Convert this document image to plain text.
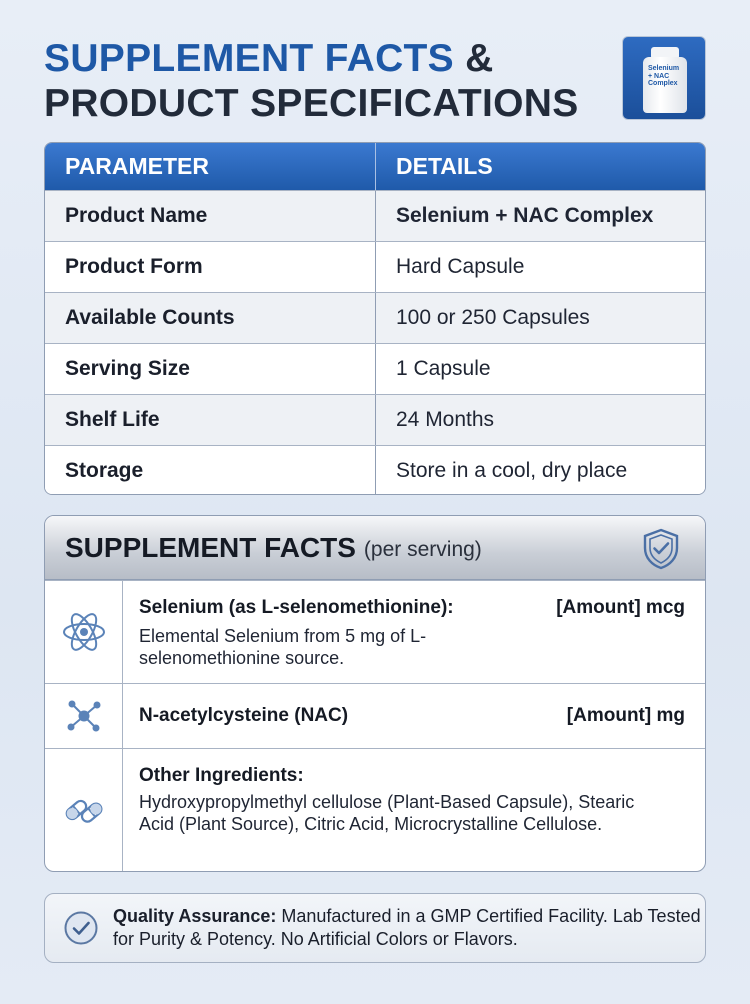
SUPPLEMENT FACTS &
PRODUCT SPECIFICATIONS
Selenium
+ NAC
Complex
PARAMETER	DETAILS
Product Name	Selenium + NAC Complex
Product Form	Hard Capsule
Available Counts	100 or 250 Capsules
Serving Size	1 Capsule
Shelf Life	24 Months
Storage	Store in a cool, dry place
SUPPLEMENT FACTS (per serving)
Selenium (as L-selenomethionine):	[Amount] mcg
Elemental Selenium from 5 mg of L-selenomethionine source.
N-acetylcysteine (NAC)	[Amount] mg
Other Ingredients:
Hydroxypropylmethyl cellulose (Plant-Based Capsule), Stearic Acid (Plant Source), Citric Acid, Microcrystalline Cellulose.
Quality Assurance: Manufactured in a GMP Certified Facility. Lab Tested for Purity & Potency. No Artificial Colors or Flavors.
